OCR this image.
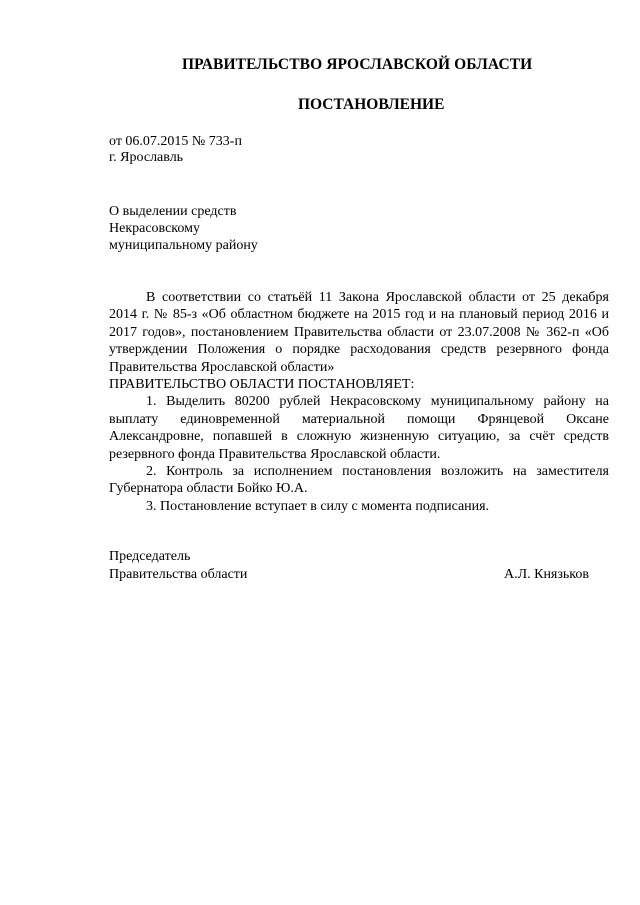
ПРАВИТЕЛЬСТВО ЯРОСЛАВСКОЙ ОБЛАСТИ
ПОСТАНОВЛЕНИЕ
от 06.07.2015 № 733-п
г. Ярославль
О выделении средств
Некрасовскому
муниципальному району

В соответствии со статьёй 11 Закона Ярославской области от 25 декабря 2014 г. № 85-з «Об областном бюджете на 2015 год и на плановый период 2016 и 2017 годов», постановлением Правительства области от 23.07.2008 № 362-п «Об утверждении Положения о порядке расходования средств резервного фонда Правительства Ярославской области»

ПРАВИТЕЛЬСТВО ОБЛАСТИ ПОСТАНОВЛЯЕТ:

1. Выделить 80200 рублей Некрасовскому муниципальному району на выплату единовременной материальной помощи Фрянцевой Оксане Александровне, попавшей в сложную жизненную ситуацию, за счёт средств резервного фонда Правительства Ярославской области.

2. Контроль за исполнением постановления возложить на заместителя Губернатора области Бойко Ю.А.

3. Постановление вступает в силу с момента подписания.

Председатель
Правительства области	А.Л. Князьков
